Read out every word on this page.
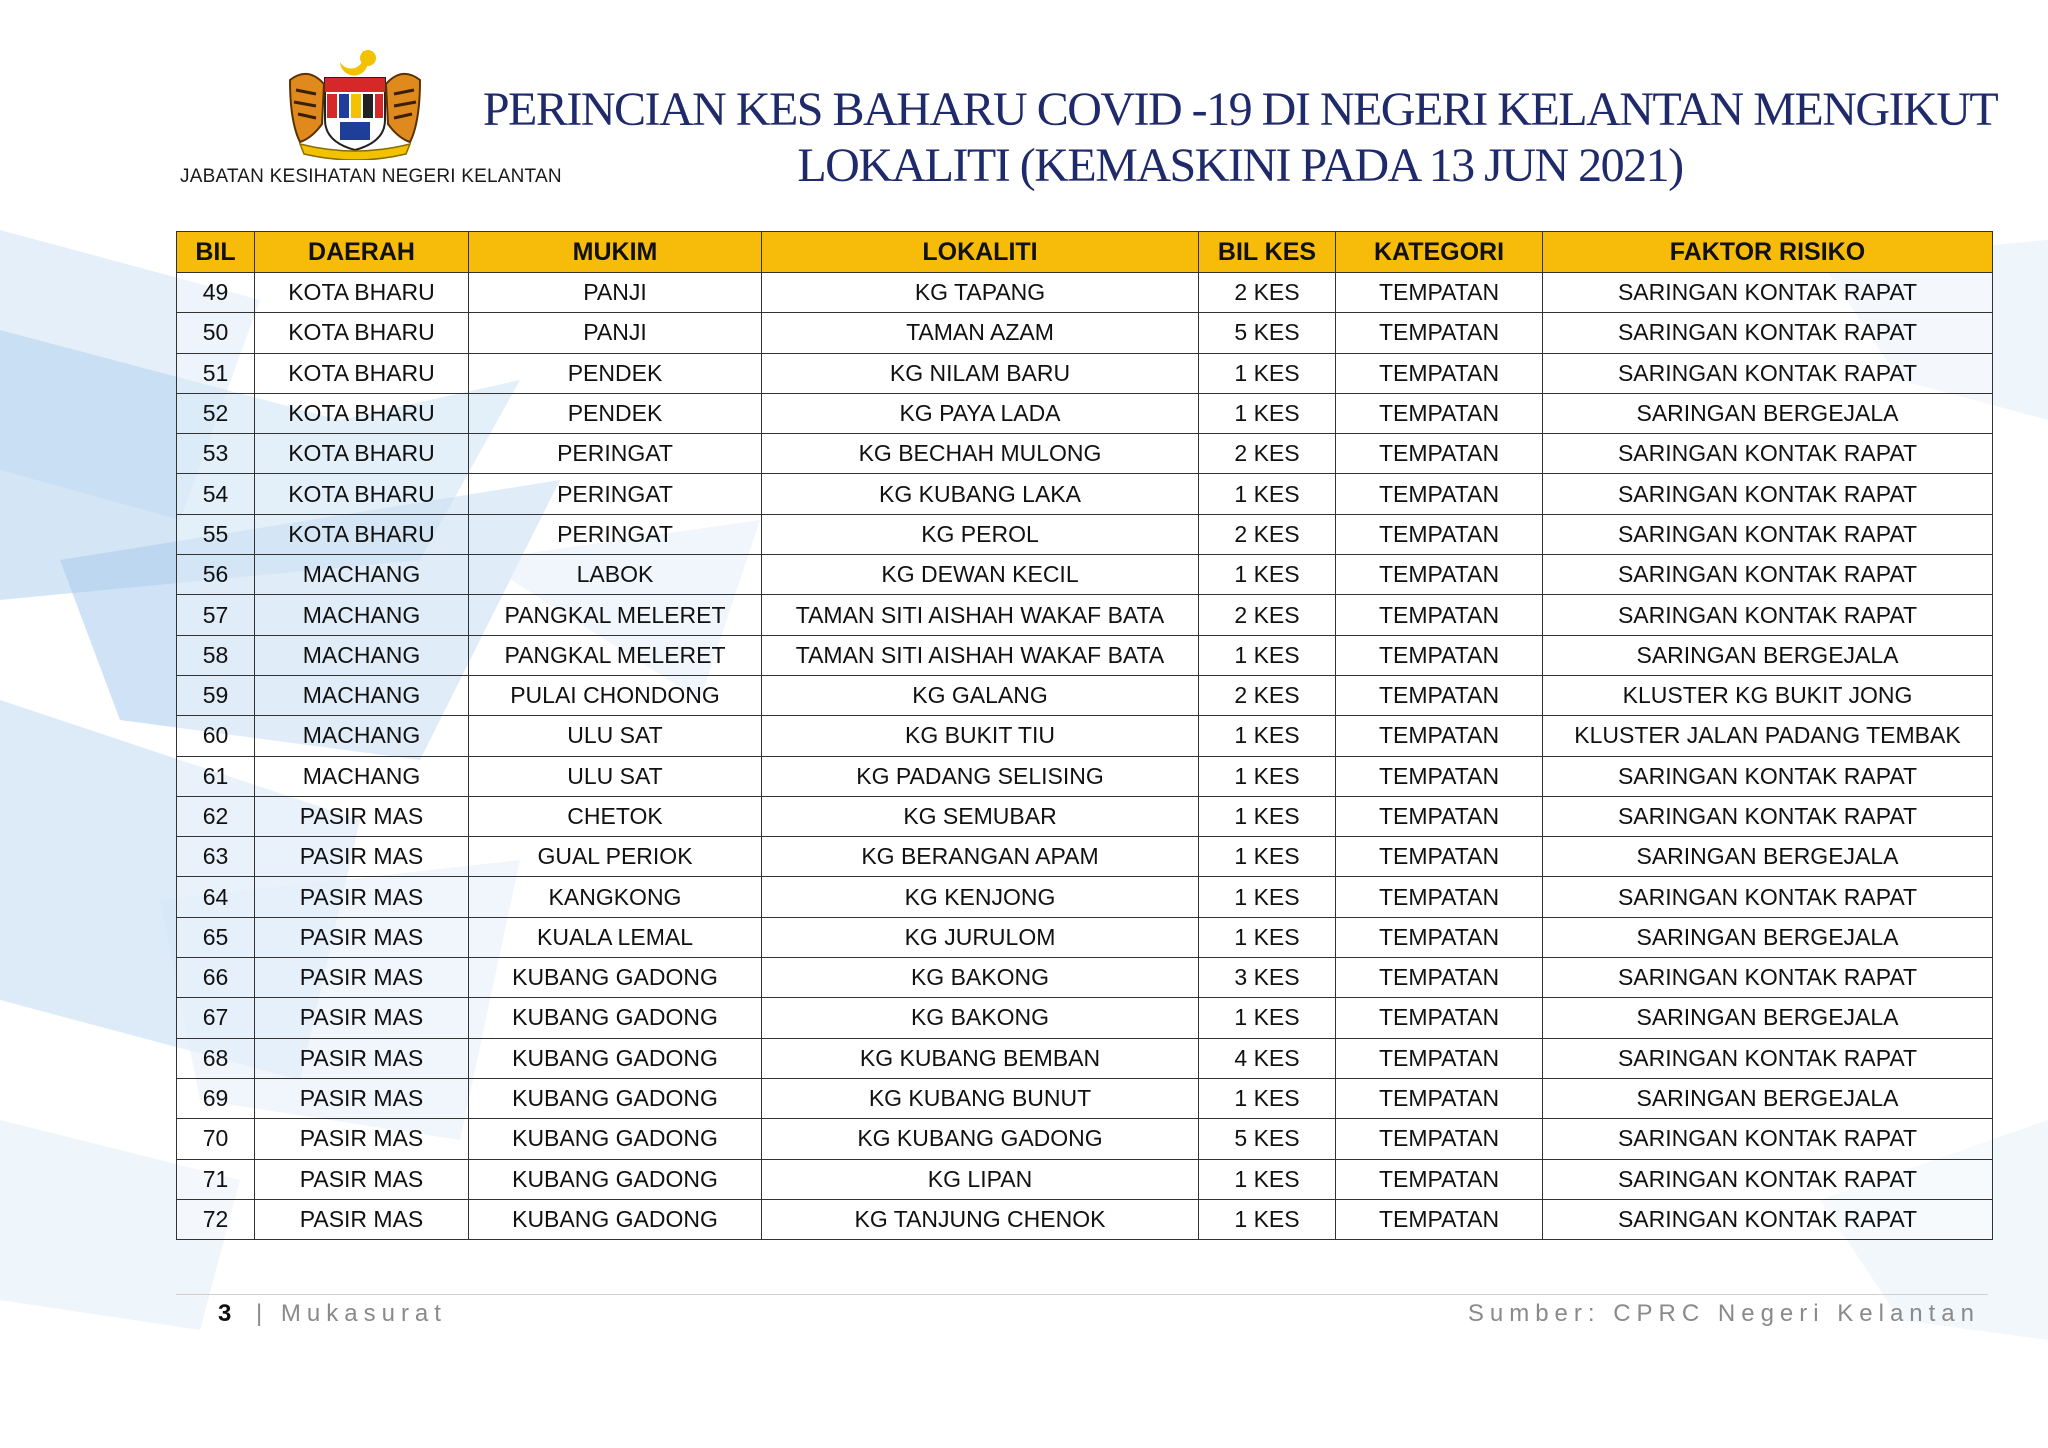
JABATAN KESIHATAN NEGERI KELANTAN
PERINCIAN KES BAHARU COVID -19 DI NEGERI KELANTAN MENGIKUT
LOKALITI (KEMASKINI PADA 13 JUN 2021)
BIL	DAERAH	MUKIM	LOKALITI	BIL KES	KATEGORI	FAKTOR RISIKO
49	KOTA BHARU	PANJI	KG TAPANG	2 KES	TEMPATAN	SARINGAN KONTAK RAPAT
50	KOTA BHARU	PANJI	TAMAN AZAM	5 KES	TEMPATAN	SARINGAN KONTAK RAPAT
51	KOTA BHARU	PENDEK	KG NILAM BARU	1 KES	TEMPATAN	SARINGAN KONTAK RAPAT
52	KOTA BHARU	PENDEK	KG PAYA LADA	1 KES	TEMPATAN	SARINGAN BERGEJALA
53	KOTA BHARU	PERINGAT	KG BECHAH MULONG	2 KES	TEMPATAN	SARINGAN KONTAK RAPAT
54	KOTA BHARU	PERINGAT	KG KUBANG LAKA	1 KES	TEMPATAN	SARINGAN KONTAK RAPAT
55	KOTA BHARU	PERINGAT	KG PEROL	2 KES	TEMPATAN	SARINGAN KONTAK RAPAT
56	MACHANG	LABOK	KG DEWAN KECIL	1 KES	TEMPATAN	SARINGAN KONTAK RAPAT
57	MACHANG	PANGKAL MELERET	TAMAN SITI AISHAH WAKAF BATA	2 KES	TEMPATAN	SARINGAN KONTAK RAPAT
58	MACHANG	PANGKAL MELERET	TAMAN SITI AISHAH WAKAF BATA	1 KES	TEMPATAN	SARINGAN BERGEJALA
59	MACHANG	PULAI CHONDONG	KG GALANG	2 KES	TEMPATAN	KLUSTER KG BUKIT JONG
60	MACHANG	ULU SAT	KG BUKIT TIU	1 KES	TEMPATAN	KLUSTER JALAN PADANG TEMBAK
61	MACHANG	ULU SAT	KG PADANG SELISING	1 KES	TEMPATAN	SARINGAN KONTAK RAPAT
62	PASIR MAS	CHETOK	KG SEMUBAR	1 KES	TEMPATAN	SARINGAN KONTAK RAPAT
63	PASIR MAS	GUAL PERIOK	KG BERANGAN APAM	1 KES	TEMPATAN	SARINGAN BERGEJALA
64	PASIR MAS	KANGKONG	KG KENJONG	1 KES	TEMPATAN	SARINGAN KONTAK RAPAT
65	PASIR MAS	KUALA LEMAL	KG JURULOM	1 KES	TEMPATAN	SARINGAN BERGEJALA
66	PASIR MAS	KUBANG GADONG	KG BAKONG	3 KES	TEMPATAN	SARINGAN KONTAK RAPAT
67	PASIR MAS	KUBANG GADONG	KG BAKONG	1 KES	TEMPATAN	SARINGAN BERGEJALA
68	PASIR MAS	KUBANG GADONG	KG KUBANG BEMBAN	4 KES	TEMPATAN	SARINGAN KONTAK RAPAT
69	PASIR MAS	KUBANG GADONG	KG KUBANG BUNUT	1 KES	TEMPATAN	SARINGAN BERGEJALA
70	PASIR MAS	KUBANG GADONG	KG KUBANG GADONG	5 KES	TEMPATAN	SARINGAN KONTAK RAPAT
71	PASIR MAS	KUBANG GADONG	KG LIPAN	1 KES	TEMPATAN	SARINGAN KONTAK RAPAT
72	PASIR MAS	KUBANG GADONG	KG TANJUNG CHENOK	1 KES	TEMPATAN	SARINGAN KONTAK RAPAT
3 | Mukasurat	Sumber: CPRC Negeri Kelantan
